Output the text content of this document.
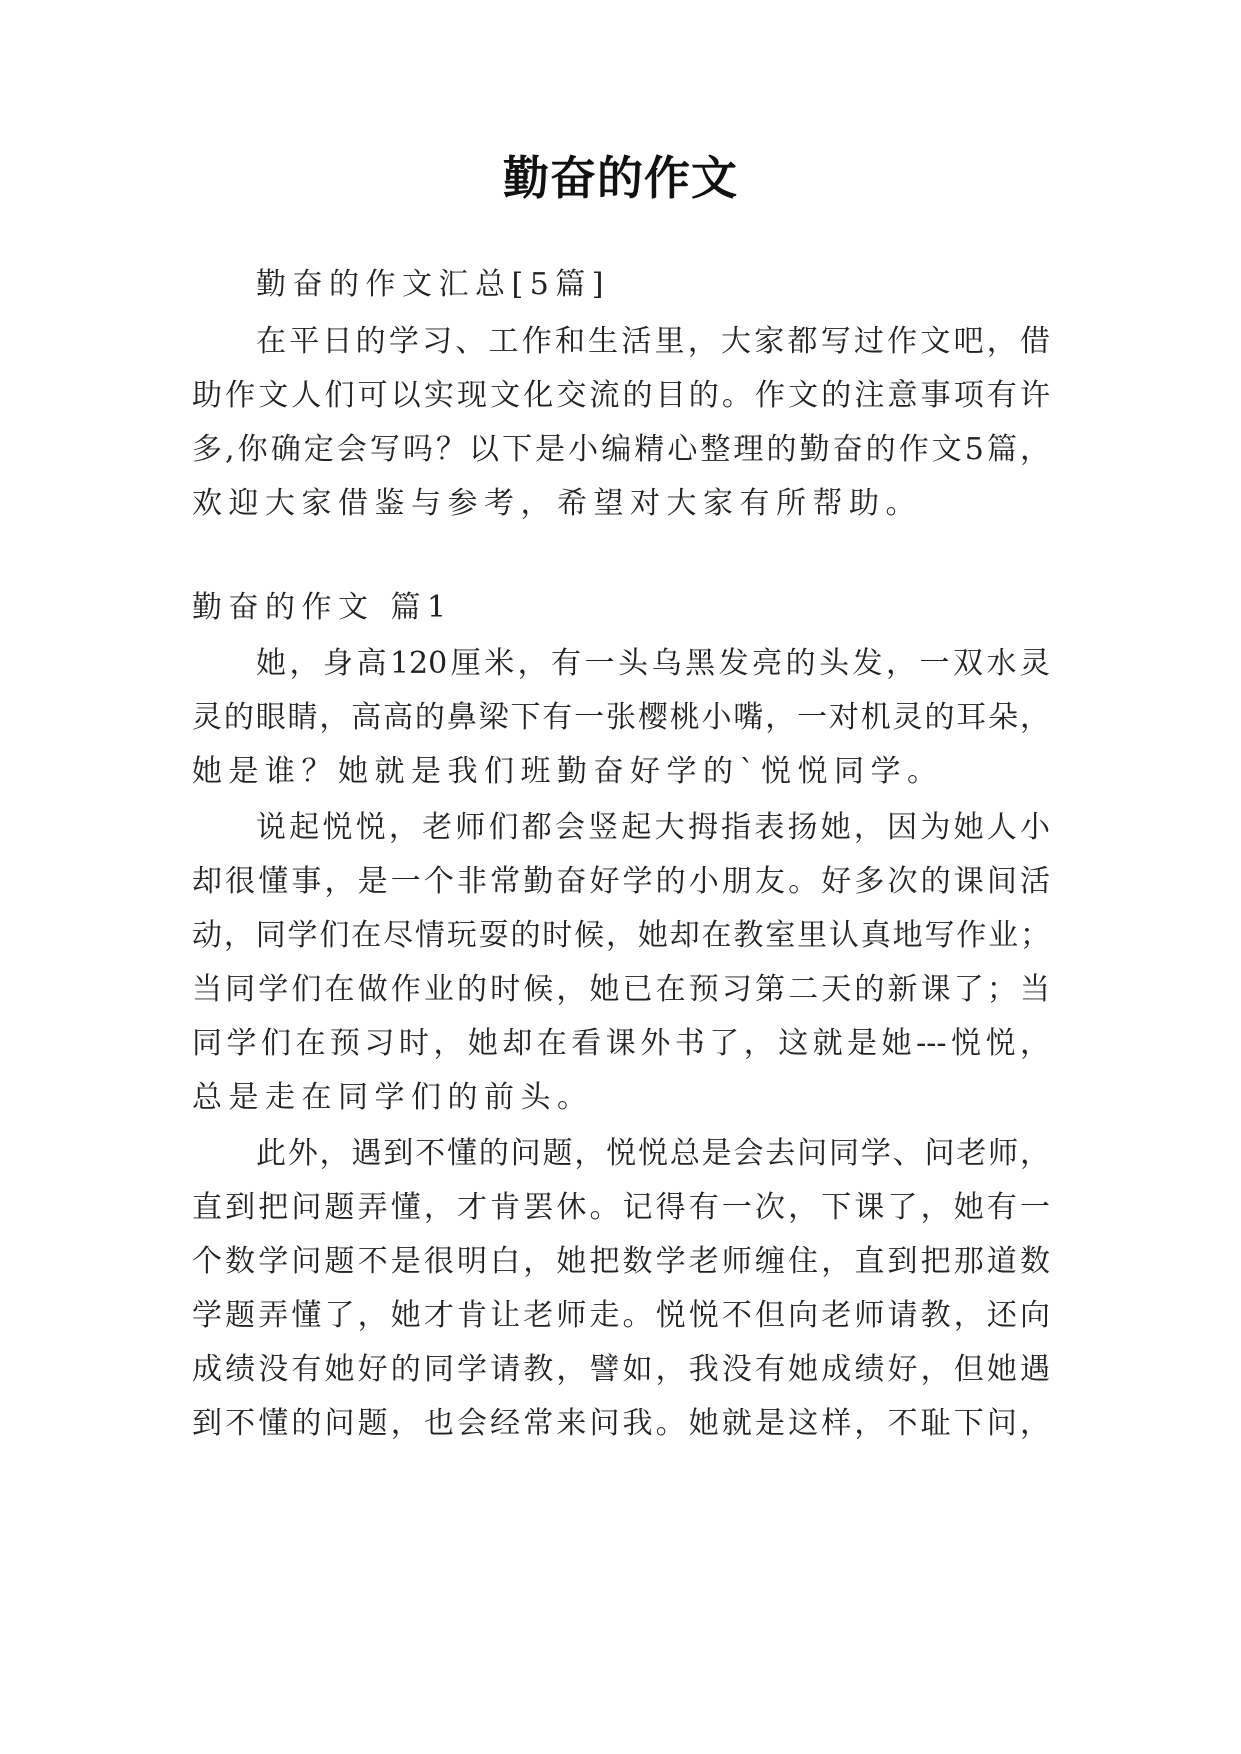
勤奋的作文
勤奋的作文汇总[5篇]
在平日的学习、工作和生活里，大家都写过作文吧，借
助作文人们可以实现文化交流的目的。作文的注意事项有许
多,你确定会写吗？以下是小编精心整理的勤奋的作文5篇，
欢迎大家借鉴与参考，希望对大家有所帮助。
勤奋的作文 篇1
她，身高120厘米，有一头乌黑发亮的头发，一双水灵
灵的眼睛，高高的鼻梁下有一张樱桃小嘴，一对机灵的耳朵，
她是谁？她就是我们班勤奋好学的`悦悦同学。
说起悦悦，老师们都会竖起大拇指表扬她，因为她人小
却很懂事，是一个非常勤奋好学的小朋友。好多次的课间活
动，同学们在尽情玩耍的时候，她却在教室里认真地写作业；
当同学们在做作业的时候，她已在预习第二天的新课了；当
同学们在预习时，她却在看课外书了，这就是她---悦悦，
总是走在同学们的前头。
此外，遇到不懂的问题，悦悦总是会去问同学、问老师，
直到把问题弄懂，才肯罢休。记得有一次，下课了，她有一
个数学问题不是很明白，她把数学老师缠住，直到把那道数
学题弄懂了，她才肯让老师走。悦悦不但向老师请教，还向
成绩没有她好的同学请教，譬如，我没有她成绩好，但她遇
到不懂的问题，也会经常来问我。她就是这样，不耻下问，
